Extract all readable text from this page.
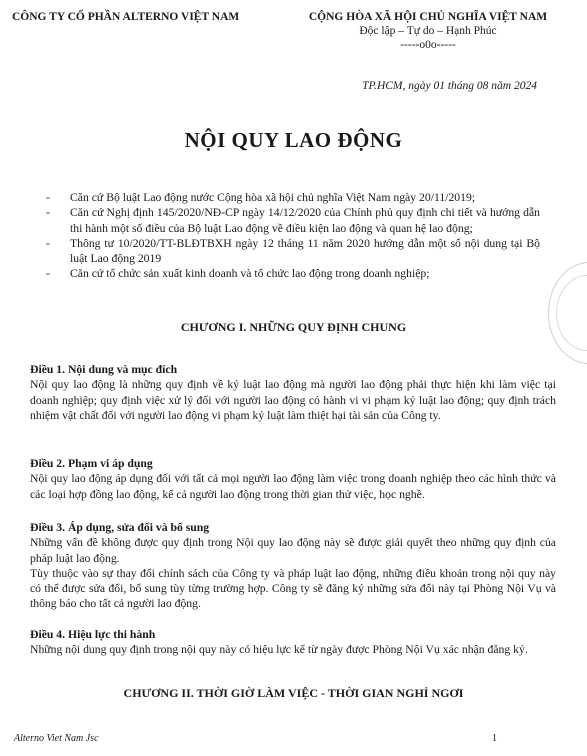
CÔNG TY CỔ PHẦN ALTERNO VIỆT NAM	CỘNG HÒA XÃ HỘI CHỦ NGHĨA VIỆT NAM
Độc lập – Tự do – Hạnh Phúc
-----o0o-----
TP.HCM, ngày 01 tháng 08 năm 2024
NỘI QUY LAO ĐỘNG
- Căn cứ Bộ luật Lao động nước Cộng hòa xã hội chủ nghĩa Việt Nam ngày 20/11/2019;
- Căn cứ Nghị định 145/2020/NĐ-CP ngày 14/12/2020 của Chính phủ quy định chi tiết và hướng dẫn thi hành một số điều của Bộ luật Lao động về điều kiện lao động và quan hệ lao động;
- Thông tư 10/2020/TT-BLĐTBXH ngày 12 tháng 11 năm 2020 hướng dẫn một số nội dung tại Bộ luật Lao động 2019
- Căn cứ tổ chức sản xuất kinh doanh và tổ chức lao động trong doanh nghiệp;
CHƯƠNG I. NHỮNG QUY ĐỊNH CHUNG
Điều 1. Nội dung và mục đích

Nội quy lao động là những quy định về kỷ luật lao động mà người lao động phải thực hiện khi làm việc tại doanh nghiệp; quy định việc xử lý đối với người lao động có hành vi vi phạm kỷ luật lao động; quy định trách nhiệm vật chất đối với người lao động vi phạm kỷ luật làm thiệt hại tài sản của Công ty.

Điều 2. Phạm vi áp dụng

Nội quy lao động áp dụng đối với tất cả mọi người lao động làm việc trong doanh nghiệp theo các hình thức và các loại hợp đồng lao động, kể cả người lao động trong thời gian thử việc, học nghề.

Điều 3. Áp dụng, sửa đổi và bổ sung

Những vấn đề không được quy định trong Nội quy lao động này sẽ được giải quyết theo những quy định của pháp luật lao động.

Tùy thuộc vào sự thay đổi chính sách của Công ty và pháp luật lao động, những điều khoản trong nội quy này có thể được sửa đổi, bổ sung tùy từng trường hợp. Công ty sẽ đăng ký những sửa đổi này tại Phòng Nội Vụ và thông báo cho tất cả người lao động.

Điều 4. Hiệu lực thi hành

Những nội dung quy định trong nội quy này có hiệu lực kể từ ngày được Phòng Nội Vụ xác nhận đăng ký.

CHƯƠNG II. THỜI GIỜ LÀM VIỆC - THỜI GIAN NGHỈ NGƠI
Alterno Viet Nam Jsc	1
